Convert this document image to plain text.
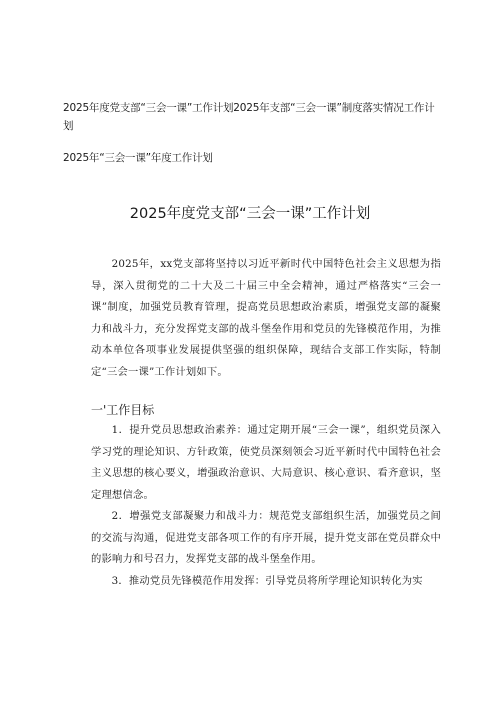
2025年度党支部“三会一课”工作计划2025年支部“三会一课”制度落实情况工作计
划
2025年“三会一课”年度工作计划
2025年度党支部“三会一课”工作计划

2025年，xx党支部将坚持以习近平新时代中国特色社会主义思想为指导，深入贯彻党的二十大及二十届三中全会精神，通过严格落实“三会一课”制度，加强党员教育管理，提高党员思想政治素质，增强党支部的凝聚力和战斗力，充分发挥党支部的战斗堡垒作用和党员的先锋模范作用，为推动本单位各项事业发展提供坚强的组织保障，现结合支部工作实际，特制定“三会一课”工作计划如下。

一'工作目标

1．提升党员思想政治素养：通过定期开展“三会一课”，组织党员深入学习党的理论知识、方针政策，使党员深刻领会习近平新时代中国特色社会主义思想的核心要义，增强政治意识、大局意识、核心意识、看齐意识，坚定理想信念。

2．增强党支部凝聚力和战斗力：规范党支部组织生活，加强党员之间的交流与沟通，促进党支部各项工作的有序开展，提升党支部在党员群众中的影响力和号召力，发挥党支部的战斗堡垒作用。

3．推动党员先锋模范作用发挥：引导党员将所学理论知识转化为实
